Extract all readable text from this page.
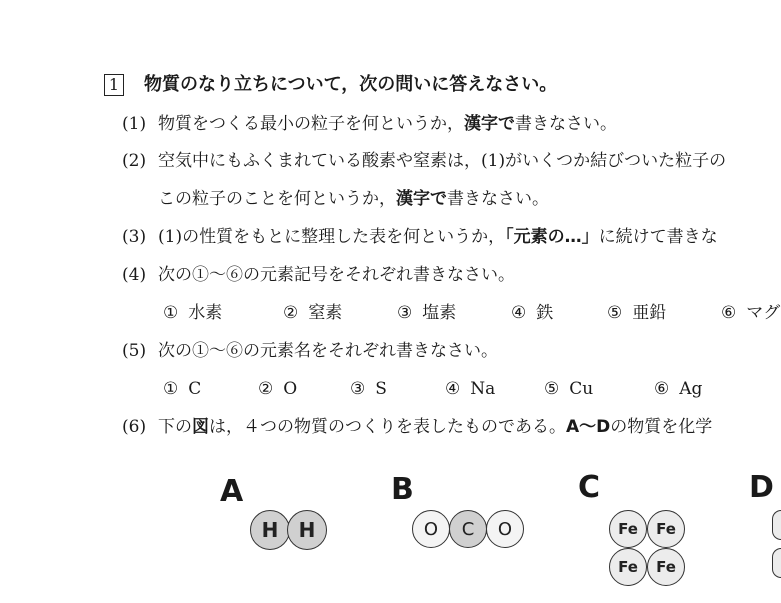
1 物質のなり立ちについて，次の問いに答えなさい。
(1) 物質をつくる最小の粒子を何というか，漢字で書きなさい。
(2) 空気中にもふくまれている酸素や窒素は，(1)がいくつか結びついた粒子の
この粒子のことを何というか，漢字で書きなさい。
(3) (1)の性質をもとに整理した表を何というか，「元素の…」に続けて書きな
(4) 次の①～⑥の元素記号をそれぞれ書きなさい。
① 水素	② 窒素	③ 塩素	④ 鉄	⑤ 亜鉛	⑥ マグ
(5) 次の①～⑥の元素名をそれぞれ書きなさい。
① C	② O	③ S	④ Na	⑤ Cu	⑥ Ag
(6) 下の図は，４つの物質のつくりを表したものである。A～Dの物質を化学
A	B	C	D
H	H	O	C	O	Fe	Fe
Fe	Fe
